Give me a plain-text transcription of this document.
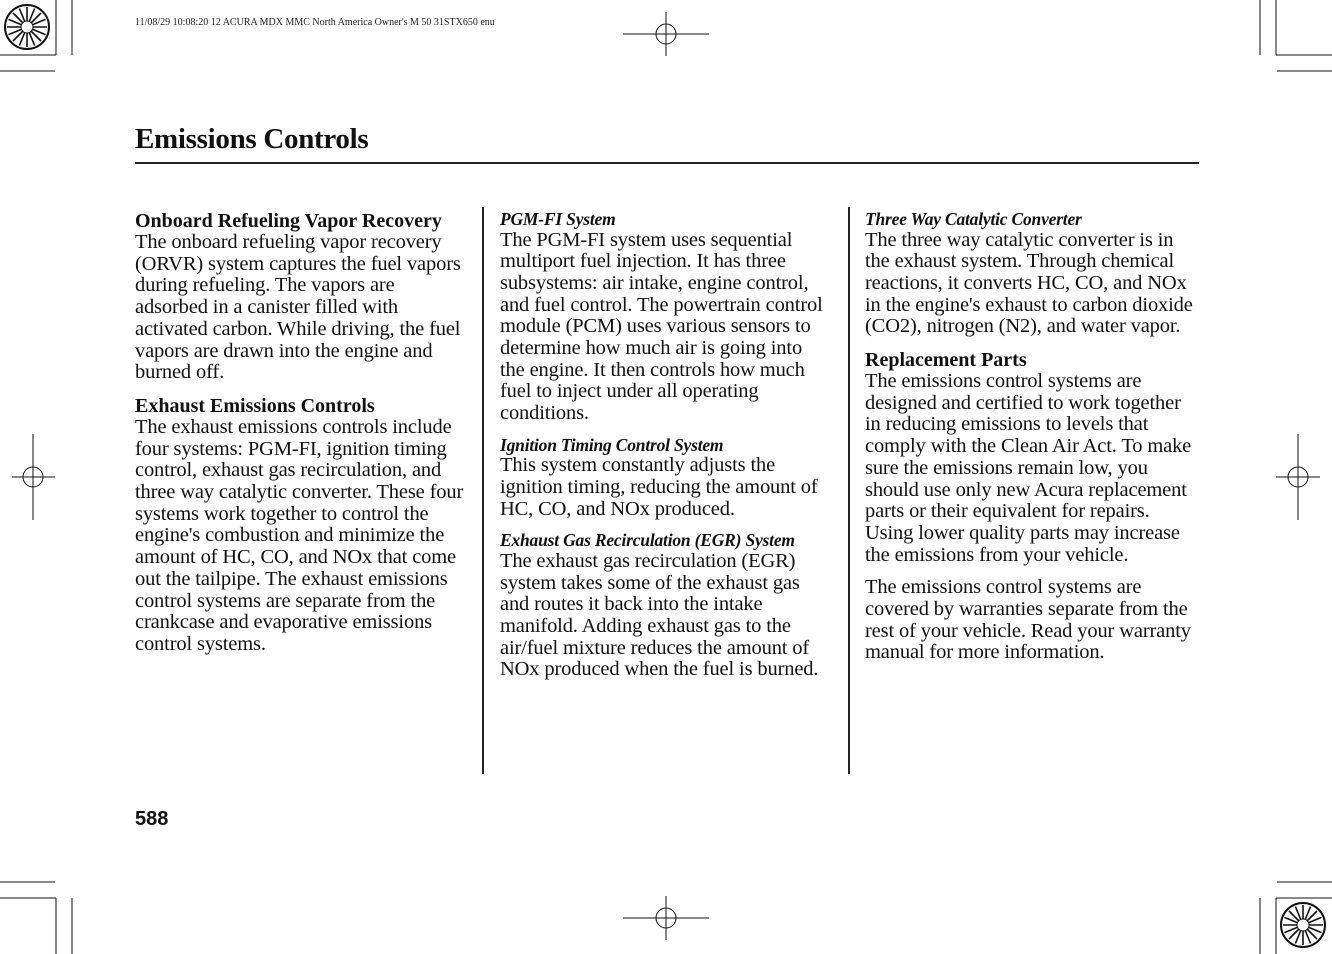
11/08/29 10:08:20 12 ACURA MDX MMC North America Owner's M 50 31STX650 enu
Emissions Controls
Onboard Refueling Vapor Recovery
The onboard refueling vapor recovery (ORVR) system captures the fuel vapors during refueling. The vapors are adsorbed in a canister filled with activated carbon. While driving, the fuel vapors are drawn into the engine and burned off.
Exhaust Emissions Controls
The exhaust emissions controls include four systems: PGM-FI, ignition timing control, exhaust gas recirculation, and three way catalytic converter. These four systems work together to control the engine's combustion and minimize the amount of HC, CO, and NOx that come out the tailpipe. The exhaust emissions control systems are separate from the crankcase and evaporative emissions control systems.
PGM-FI System
The PGM-FI system uses sequential multiport fuel injection. It has three subsystems: air intake, engine control, and fuel control. The powertrain control module (PCM) uses various sensors to determine how much air is going into the engine. It then controls how much fuel to inject under all operating conditions.
Ignition Timing Control System
This system constantly adjusts the ignition timing, reducing the amount of HC, CO, and NOx produced.
Exhaust Gas Recirculation (EGR) System
The exhaust gas recirculation (EGR) system takes some of the exhaust gas and routes it back into the intake manifold. Adding exhaust gas to the air/fuel mixture reduces the amount of NOx produced when the fuel is burned.
Three Way Catalytic Converter
The three way catalytic converter is in the exhaust system. Through chemical reactions, it converts HC, CO, and NOx in the engine's exhaust to carbon dioxide (CO2), nitrogen (N2), and water vapor.
Replacement Parts
The emissions control systems are designed and certified to work together in reducing emissions to levels that comply with the Clean Air Act. To make sure the emissions remain low, you should use only new Acura replacement parts or their equivalent for repairs. Using lower quality parts may increase the emissions from your vehicle.
The emissions control systems are covered by warranties separate from the rest of your vehicle. Read your warranty manual for more information.
588
